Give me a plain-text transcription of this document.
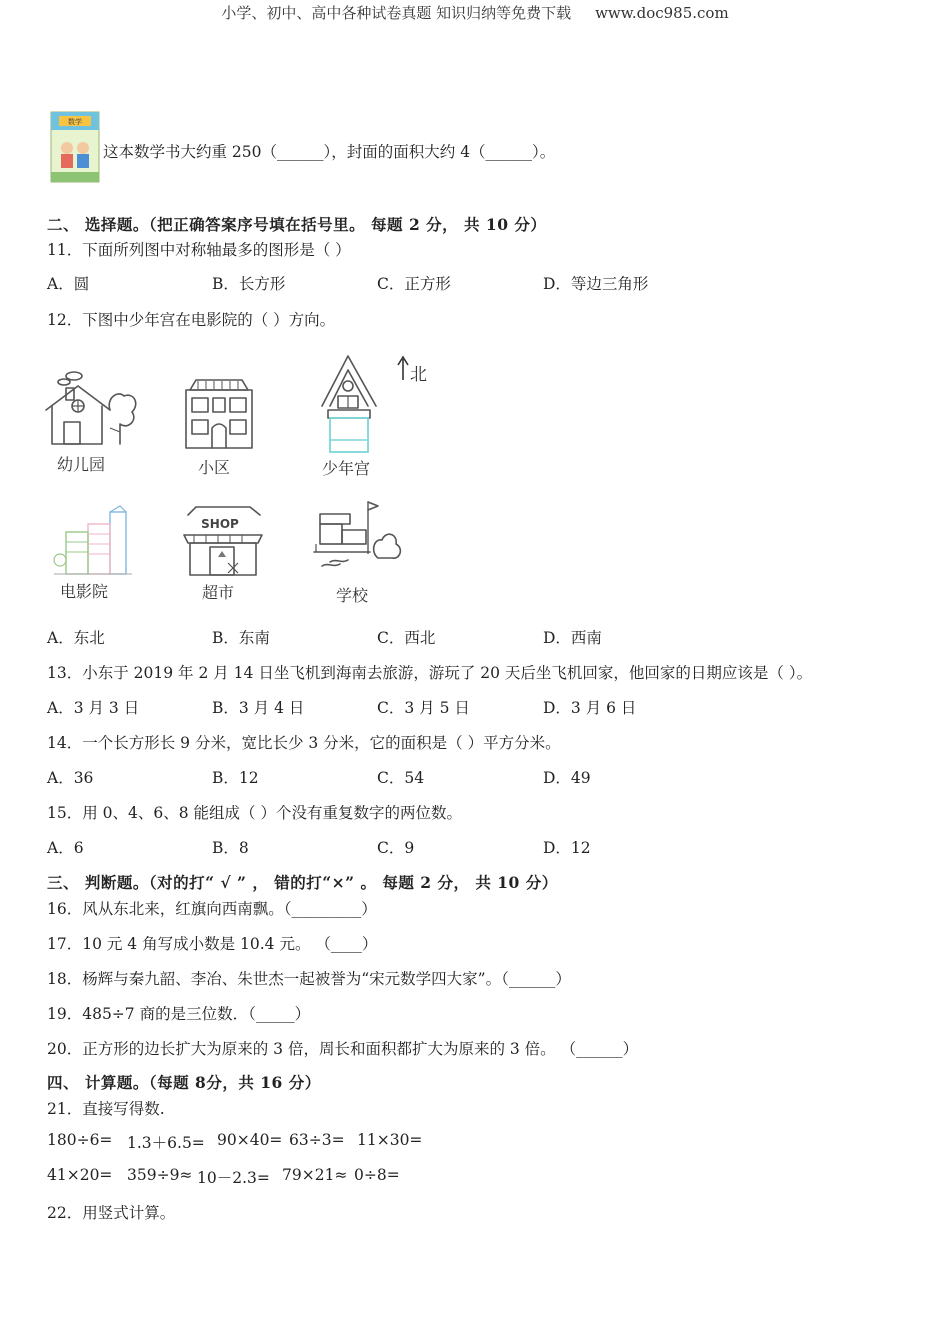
小学、初中、高中各种试卷真题 知识归纳等免费下载 www.doc985.com
数学
这本数学书大约重 250（______），封面的面积大约 4（______）。
二、 选择题。（把正确答案序号填在括号里。 每题 2 分， 共 10 分）
11．下面所列图中对称轴最多的图形是（ ）
A．圆	B．长方形	C．正方形	D．等边三角形
12．下图中少年宫在电影院的（ ）方向。
北
幼儿园	小区	少年宫
电影院
SHOP
超市	学校
A．东北	B．东南	C．西北	D．西南
13．小东于 2019 年 2 月 14 日坐飞机到海南去旅游，游玩了 20 天后坐飞机回家，他回家的日期应该是（ ）。
A．3 月 3 日	B．3 月 4 日	C．3 月 5 日	D．3 月 6 日
14．一个长方形长 9 分米，宽比长少 3 分米，它的面积是（ ）平方分米。
A．36	B．12	C．54	D．49
15．用 0、4、6、8 能组成（ ）个没有重复数字的两位数。
A．6	B．8	C．9	D．12
三、 判断题。（对的打“ √ ” ， 错的打“×” 。 每题 2 分， 共 10 分）
16．风从东北来，红旗向西南飘。（_________）
17．10 元 4 角写成小数是 10.4 元。 （____）
18．杨辉与秦九韶、李冶、朱世杰一起被誉为“宋元数学四大家”。（______）
19．485÷7 商的是三位数．（_____）
20．正方形的边长扩大为原来的 3 倍，周长和面积都扩大为原来的 3 倍。 （______）
四、 计算题。（每题 8分，共 16 分）
21．直接写得数.
180÷6= 1.3＋6.5= 90×40= 63÷3= 11×30=
41×20= 359÷9≈ 10－2.3= 79×21≈ 0÷8=
22．用竖式计算。
